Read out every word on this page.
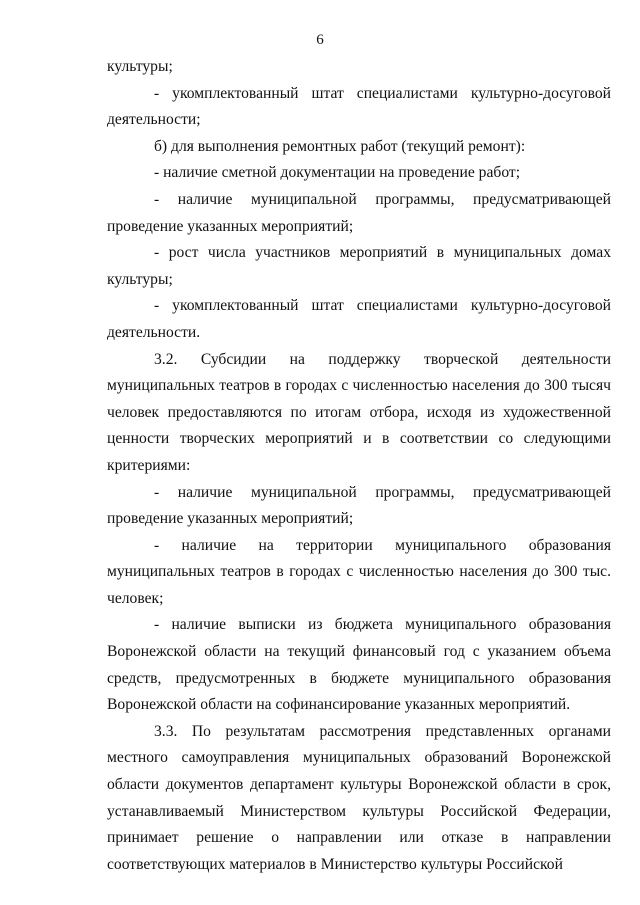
6

культуры;

- укомплектованный штат специалистами культурно-досуговой деятельности;

б) для выполнения ремонтных работ (текущий ремонт):

- наличие сметной документации на проведение работ;

- наличие муниципальной программы, предусматривающей проведение указанных мероприятий;

- рост числа участников мероприятий в муниципальных домах культуры;

- укомплектованный штат специалистами культурно-досуговой деятельности.

3.2. Субсидии на поддержку творческой деятельности муниципальных театров в городах с численностью населения до 300 тысяч человек предоставляются по итогам отбора, исходя из художественной ценности творческих мероприятий и в соответствии со следующими критериями:

- наличие муниципальной программы, предусматривающей проведение указанных мероприятий;

- наличие на территории муниципального образования муниципальных театров в городах с численностью населения до 300 тыс. человек;

- наличие выписки из бюджета муниципального образования Воронежской области на текущий финансовый год с указанием объема средств, предусмотренных в бюджете муниципального образования Воронежской области на софинансирование указанных мероприятий.

3.3. По результатам рассмотрения представленных органами местного самоуправления муниципальных образований Воронежской области документов департамент культуры Воронежской области в срок, устанавливаемый Министерством культуры Российской Федерации, принимает решение о направлении или отказе в направлении соответствующих материалов в Министерство культуры Российской
